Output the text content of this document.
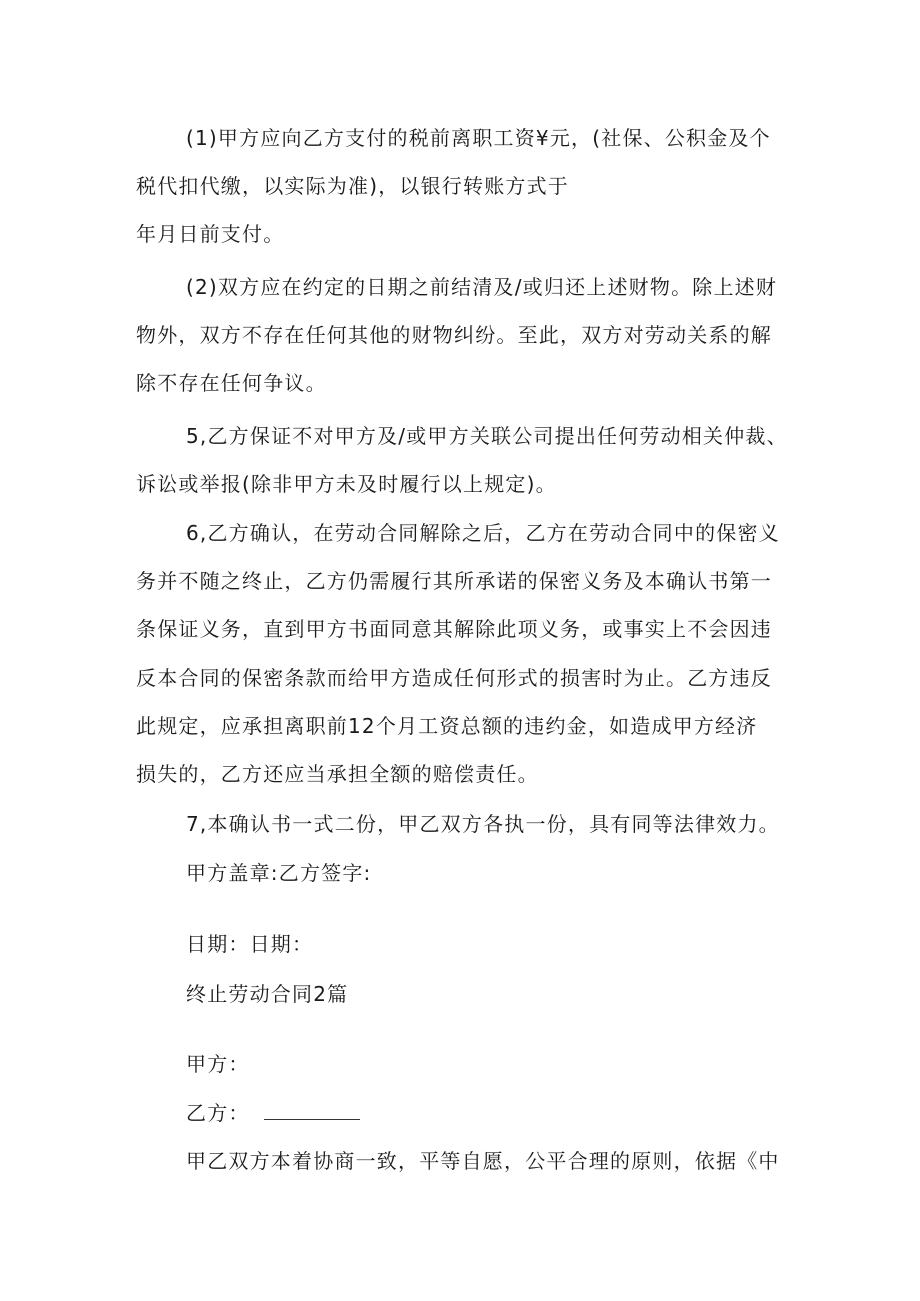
(1)甲方应向乙方支付的税前离职工资¥元，(社保、公积金及个
税代扣代缴，以实际为准)，以银行转账方式于
年月日前支付。
(2)双方应在约定的日期之前结清及/或归还上述财物。除上述财
物外，双方不存在任何其他的财物纠纷。至此，双方对劳动关系的解
除不存在任何争议。
5,乙方保证不对甲方及/或甲方关联公司提出任何劳动相关仲裁、
诉讼或举报(除非甲方未及时履行以上规定)。
6,乙方确认，在劳动合同解除之后，乙方在劳动合同中的保密义
务并不随之终止，乙方仍需履行其所承诺的保密义务及本确认书第一
条保证义务，直到甲方书面同意其解除此项义务，或事实上不会因违
反本合同的保密条款而给甲方造成任何形式的损害时为止。乙方违反
此规定，应承担离职前12个月工资总额的违约金，如造成甲方经济
损失的，乙方还应当承担全额的赔偿责任。
7,本确认书一式二份，甲乙双方各执一份，具有同等法律效力。
甲方盖章:乙方签字:
日期：日期：
终止劳动合同2篇
甲方：
乙方：
甲乙双方本着协商一致，平等自愿，公平合理的原则，依据《中
